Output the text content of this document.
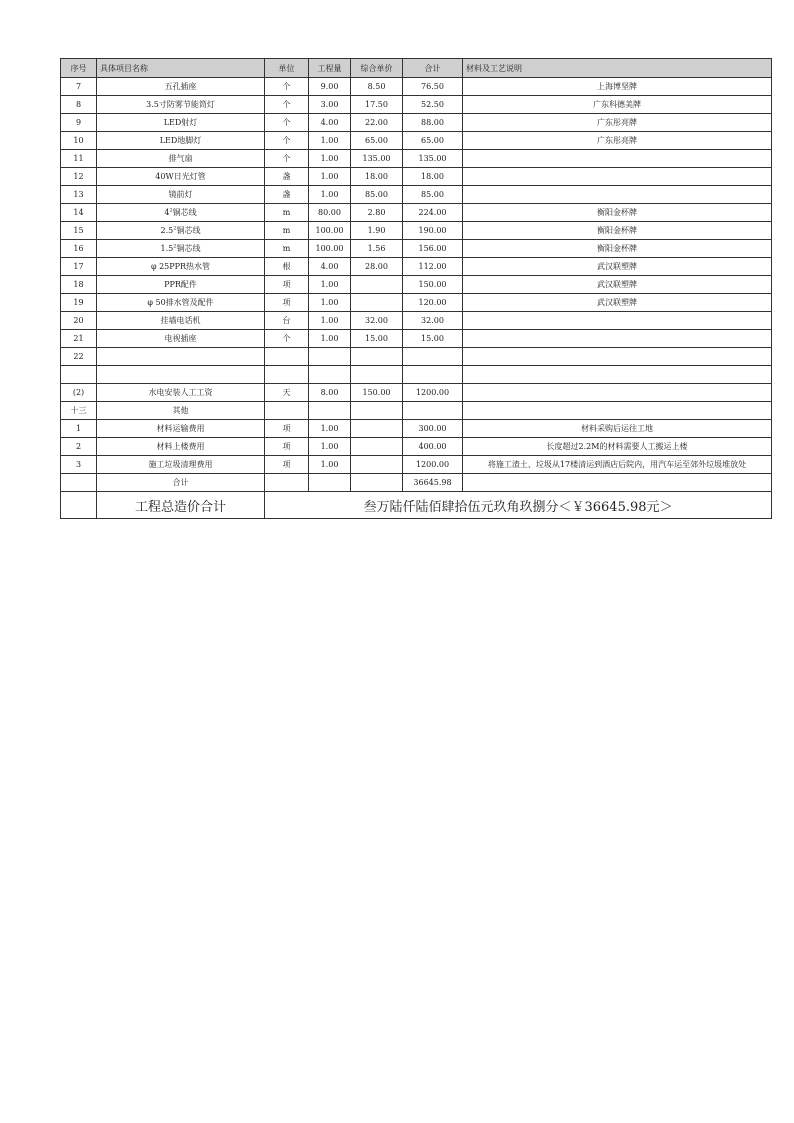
序号	具体项目名称	单位	工程量	综合单价	合计	材料及工艺说明
7	五孔插座	个	9.00	8.50	76.50	上海博坚牌
8	3.5寸防雾节能筒灯	个	3.00	17.50	52.50	广东科德美牌
9	LED射灯	个	4.00	22.00	88.00	广东彤亮牌
10	LED地脚灯	个	1.00	65.00	65.00	广东彤亮牌
11	排气扇	个	1.00	135.00	135.00	
12	40W日光灯管	盏	1.00	18.00	18.00	
13	镜前灯	盏	1.00	85.00	85.00	
14	$4^2$铜芯线	m	80.00	2.80	224.00	衡阳金杯牌
15	$2.5^2$铜芯线	m	100.00	1.90	190.00	衡阳金杯牌
16	$1.5^2$铜芯线	m	100.00	1.56	156.00	衡阳金杯牌
17	φ 25PPR热水管	根	4.00	28.00	112.00	武汉联塑牌
18	PPR配件	项	1.00		150.00	武汉联塑牌
19	φ 50排水管及配件	项	1.00		120.00	武汉联塑牌
20	挂墙电话机	台	1.00	32.00	32.00	
21	电视插座	个	1.00	15.00	15.00	
22						

(2)	水电安装人工工资	天	8.00	150.00	1200.00	
十三	其他					
1	材料运输费用	项	1.00		300.00	材料采购后运往工地
2	材料上楼费用	项	1.00		400.00	长度超过2.2M的材料需要人工搬运上楼
3	施工垃圾清理费用	项	1.00		1200.00	将施工渣土、垃圾从17楼清运到酒店后院内，用汽车运至郊外垃圾堆放处
	合计				36645.98	
	工程总造价合计	叁万陆仟陆佰肆拾伍元玖角玖捌分＜￥36645.98元＞				
